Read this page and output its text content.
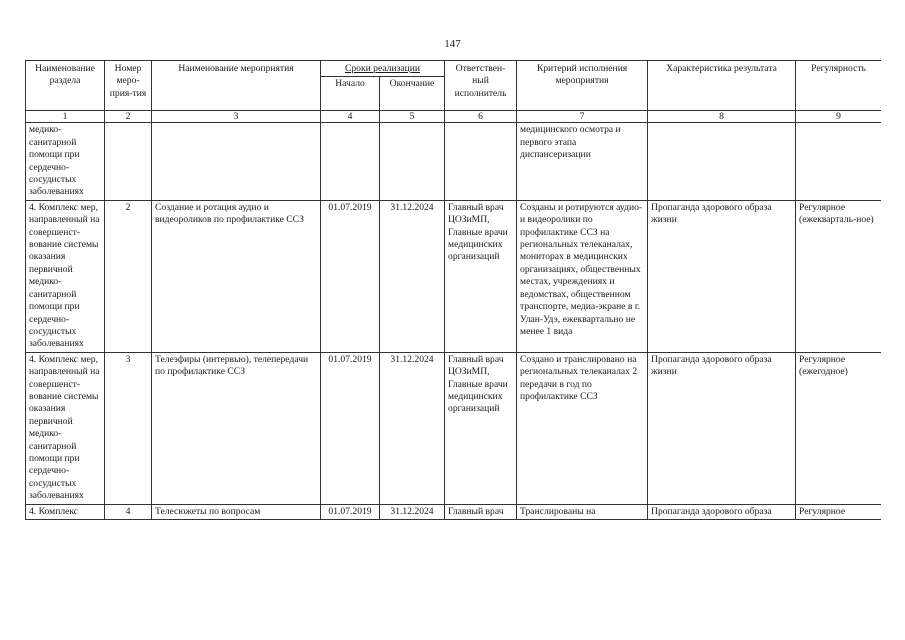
147
Наименование раздела	Номер меро-прия-тия	Наименование мероприятия	Сроки реализации		Ответствен-ный исполнитель	Критерий исполнения мероприятия	Характеристика результата	Регулярность
			Начало	Окончание				
1	2	3	4	5	6	7	8	9
медико-санитарной помощи при сердечно-сосудистых заболеваниях						медицинского осмотра и первого этапа диспансеризации		
4. Комплекс мер, направленный на совершенст-вование системы оказания первичной медико-санитарной помощи при сердечно-сосудистых заболеваниях	2	Создание и ротация аудио и видеороликов по профилактике ССЗ	01.07.2019	31.12.2024	Главный врач ЦОЗиМП, Главные врачи медицинских организаций	Созданы и ротируются аудио- и видеоролики по профилактике ССЗ на региональных телеканалах, мониторах в медицинских организациях, общественных местах, учреждениях и ведомствах, общественном транспорте, медиа-экране в г. Улан-Удэ, ежеквартально не менее 1 вида	Пропаганда здорового образа жизни	Регулярное (ежекварталь-ное)
4. Комплекс мер, направленный на совершенст-вование системы оказания первичной медико-санитарной помощи при сердечно-сосудистых заболеваниях	3	Телеэфиры (интервью), телепередачи по профилактике ССЗ	01.07.2019	31.12.2024	Главный врач ЦОЗиМП, Главные врачи медицинских организаций	Создано и транслировано на региональных телеканалах 2 передачи в год по профилактике ССЗ	Пропаганда здорового образа жизни	Регулярное (ежегодное)
4. Комплекс	4	Телесюжеты по вопросам	01.07.2019	31.12.2024	Главный врач	Транслированы на	Пропаганда здорового образа	Регулярное
